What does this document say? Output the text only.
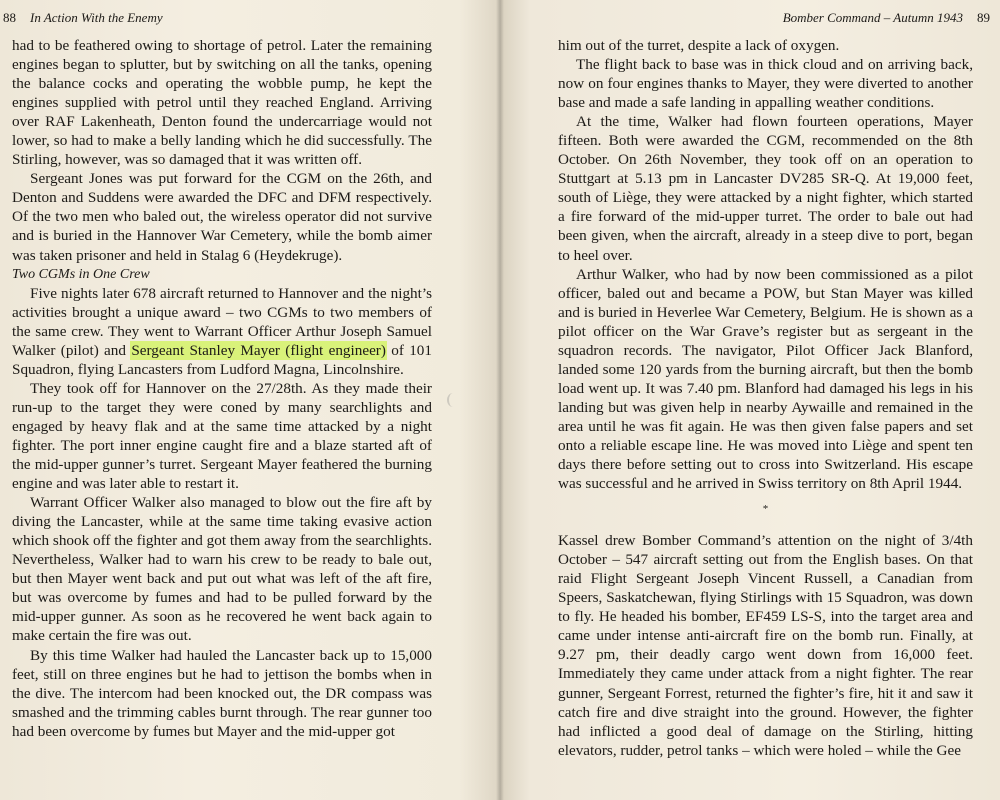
88 In Action With the Enemy

had to be feathered owing to shortage of petrol. Later the remaining engines began to splutter, but by switching on all the tanks, opening the balance cocks and operating the wobble pump, he kept the engines supplied with petrol until they reached England. Arriving over RAF Lakenheath, Denton found the undercarriage would not lower, so had to make a belly landing which he did successfully. The Stirling, however, was so damaged that it was written off.

Sergeant Jones was put forward for the CGM on the 26th, and Denton and Suddens were awarded the DFC and DFM respectively. Of the two men who baled out, the wireless operator did not survive and is buried in the Hannover War Cemetery, while the bomb aimer was taken prisoner and held in Stalag 6 (Heydekruge).

Two CGMs in One Crew

Five nights later 678 aircraft returned to Hannover and the night’s activities brought a unique award – two CGMs to two members of the same crew. They went to Warrant Officer Arthur Joseph Samuel Walker (pilot) and Sergeant Stanley Mayer (flight engineer) of 101 Squadron, flying Lancasters from Ludford Magna, Lincolnshire.

They took off for Hannover on the 27/28th. As they made their run-up to the target they were coned by many searchlights and engaged by heavy flak and at the same time attacked by a night fighter. The port inner engine caught fire and a blaze started aft of the mid-upper gunner’s turret. Sergeant Mayer feathered the burning engine and was later able to restart it.

Warrant Officer Walker also managed to blow out the fire aft by diving the Lancaster, while at the same time taking evasive action which shook off the fighter and got them away from the searchlights. Nevertheless, Walker had to warn his crew to be ready to bale out, but then Mayer went back and put out what was left of the aft fire, but was overcome by fumes and had to be pulled forward by the mid-upper gunner. As soon as he recovered he went back again to make certain the fire was out.

By this time Walker had hauled the Lancaster back up to 15,000 feet, still on three engines but he had to jettison the bombs when in the dive. The intercom had been knocked out, the DR compass was smashed and the trimming cables burnt through. The rear gunner too had been overcome by fumes but Mayer and the mid-upper got

Bomber Command – Autumn 1943 89

him out of the turret, despite a lack of oxygen.

The flight back to base was in thick cloud and on arriving back, now on four engines thanks to Mayer, they were diverted to another base and made a safe landing in appalling weather conditions.

At the time, Walker had flown fourteen operations, Mayer fifteen. Both were awarded the CGM, recommended on the 8th October. On 26th November, they took off on an operation to Stuttgart at 5.13 pm in Lancaster DV285 SR-Q. At 19,000 feet, south of Liège, they were attacked by a night fighter, which started a fire forward of the mid-upper turret. The order to bale out had been given, when the aircraft, already in a steep dive to port, began to heel over.

Arthur Walker, who had by now been commissioned as a pilot officer, baled out and became a POW, but Stan Mayer was killed and is buried in Heverlee War Cemetery, Belgium. He is shown as a pilot officer on the War Grave’s register but as sergeant in the squadron records. The navigator, Pilot Officer Jack Blanford, landed some 120 yards from the burning aircraft, but then the bomb load went up. It was 7.40 pm. Blanford had damaged his legs in his landing but was given help in nearby Aywaille and remained in the area until he was fit again. He was then given false papers and set onto a reliable escape line. He was moved into Liège and spent ten days there before setting out to cross into Switzerland. His escape was successful and he arrived in Swiss territory on 8th April 1944.

*

Kassel drew Bomber Command’s attention on the night of 3/4th October – 547 aircraft setting out from the English bases. On that raid Flight Sergeant Joseph Vincent Russell, a Canadian from Speers, Saskatchewan, flying Stirlings with 15 Squadron, was down to fly. He headed his bomber, EF459 LS-S, into the target area and came under intense anti-aircraft fire on the bomb run. Finally, at 9.27 pm, their deadly cargo went down from 16,000 feet. Immediately they came under attack from a night fighter. The rear gunner, Sergeant Forrest, returned the fighter’s fire, hit it and saw it catch fire and dive straight into the ground. However, the fighter had inflicted a good deal of damage on the Stirling, hitting elevators, rudder, petrol tanks – which were holed – while the Gee
